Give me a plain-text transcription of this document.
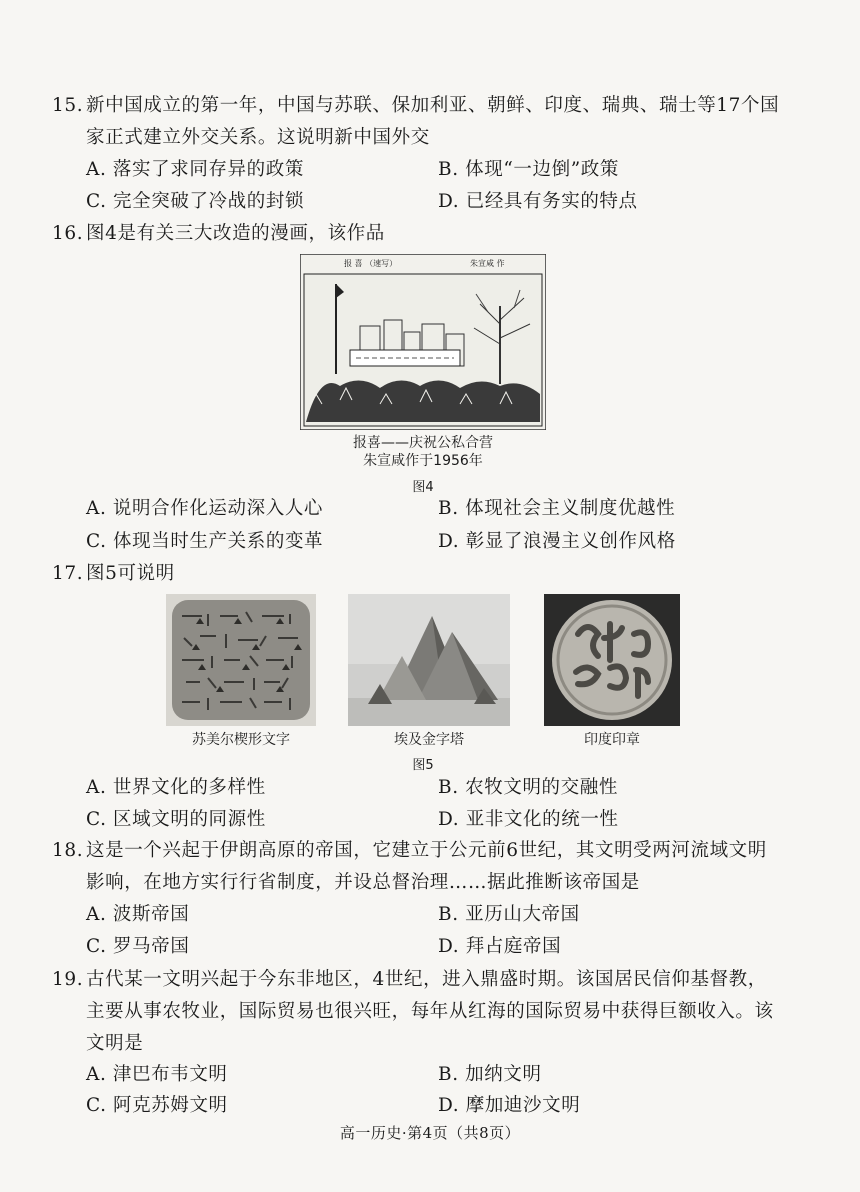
15. 新中国成立的第一年，中国与苏联、保加利亚、朝鲜、印度、瑞典、瑞士等17个国
家正式建立外交关系。这说明新中国外交
A. 落实了求同存异的政策	B. 体现“一边倒”政策
C. 完全突破了冷战的封锁	D. 已经具有务实的特点
16. 图4是有关三大改造的漫画，该作品
报 喜 （速写）	朱宣咸 作
报喜——庆祝公私合营
朱宣咸作于1956年
图4
A. 说明合作化运动深入人心	B. 体现社会主义制度优越性
C. 体现当时生产关系的变革	D. 彰显了浪漫主义创作风格
17. 图5可说明
苏美尔楔形文字	埃及金字塔	印度印章
图5
A. 世界文化的多样性	B. 农牧文明的交融性
C. 区域文明的同源性	D. 亚非文化的统一性
18. 这是一个兴起于伊朗高原的帝国，它建立于公元前6世纪，其文明受两河流域文明
影响，在地方实行行省制度，并设总督治理……据此推断该帝国是
A. 波斯帝国	B. 亚历山大帝国
C. 罗马帝国	D. 拜占庭帝国
19. 古代某一文明兴起于今东非地区，4世纪，进入鼎盛时期。该国居民信仰基督教，
主要从事农牧业，国际贸易也很兴旺，每年从红海的国际贸易中获得巨额收入。该
文明是
A. 津巴布韦文明	B. 加纳文明
C. 阿克苏姆文明	D. 摩加迪沙文明
高一历史·第4页（共8页）
